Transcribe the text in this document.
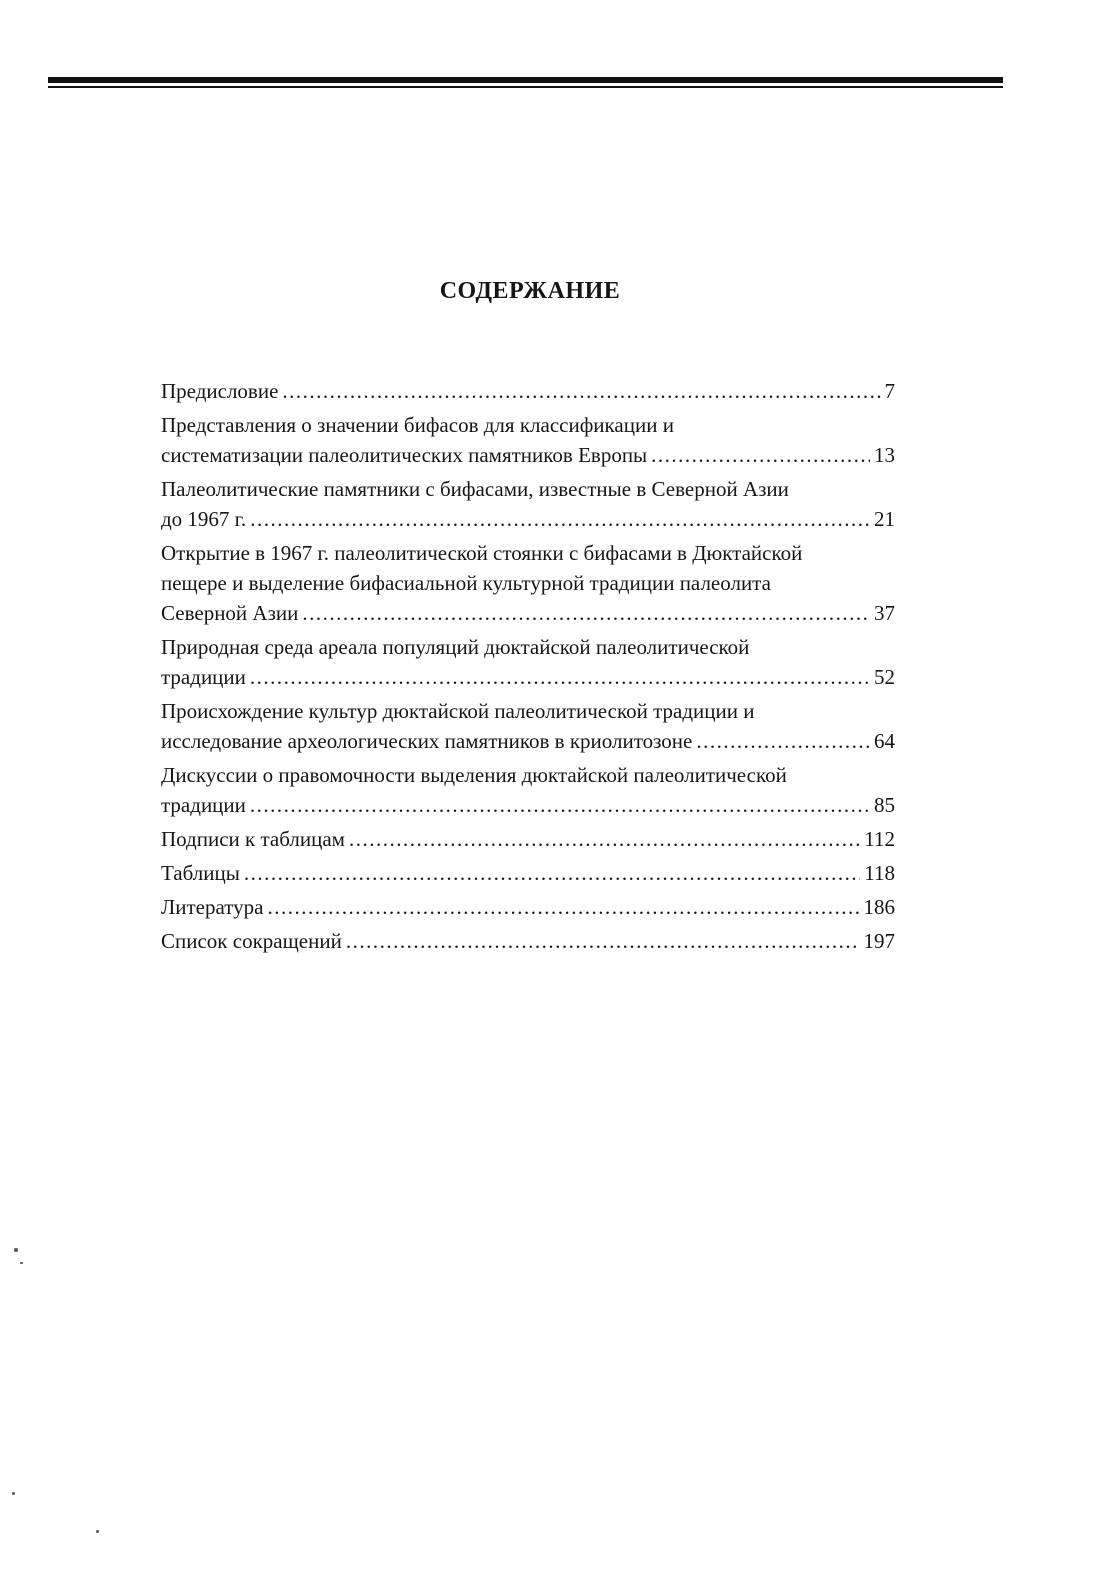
СОДЕРЖАНИЕ
Предисловие .....	7
Представления о значении бифасов для классификации и
систематизации палеолитических памятников Европы .....	13
Палеолитические памятники с бифасами, известные в Северной Азии
до 1967 г. .....	21
Открытие в 1967 г. палеолитической стоянки с бифасами в Дюктайской
пещере и выделение бифасиальной культурной традиции палеолита
Северной Азии .....	37
Природная среда ареала популяций дюктайской палеолитической
традиции .....	52
Происхождение культур дюктайской палеолитической традиции и
исследование археологических памятников в криолитозоне .....	64
Дискуссии о правомочности выделения дюктайской палеолитической
традиции .....	85
Подписи к таблицам .....	112
Таблицы .....	118
Литература .....	186
Список сокращений .....	197
